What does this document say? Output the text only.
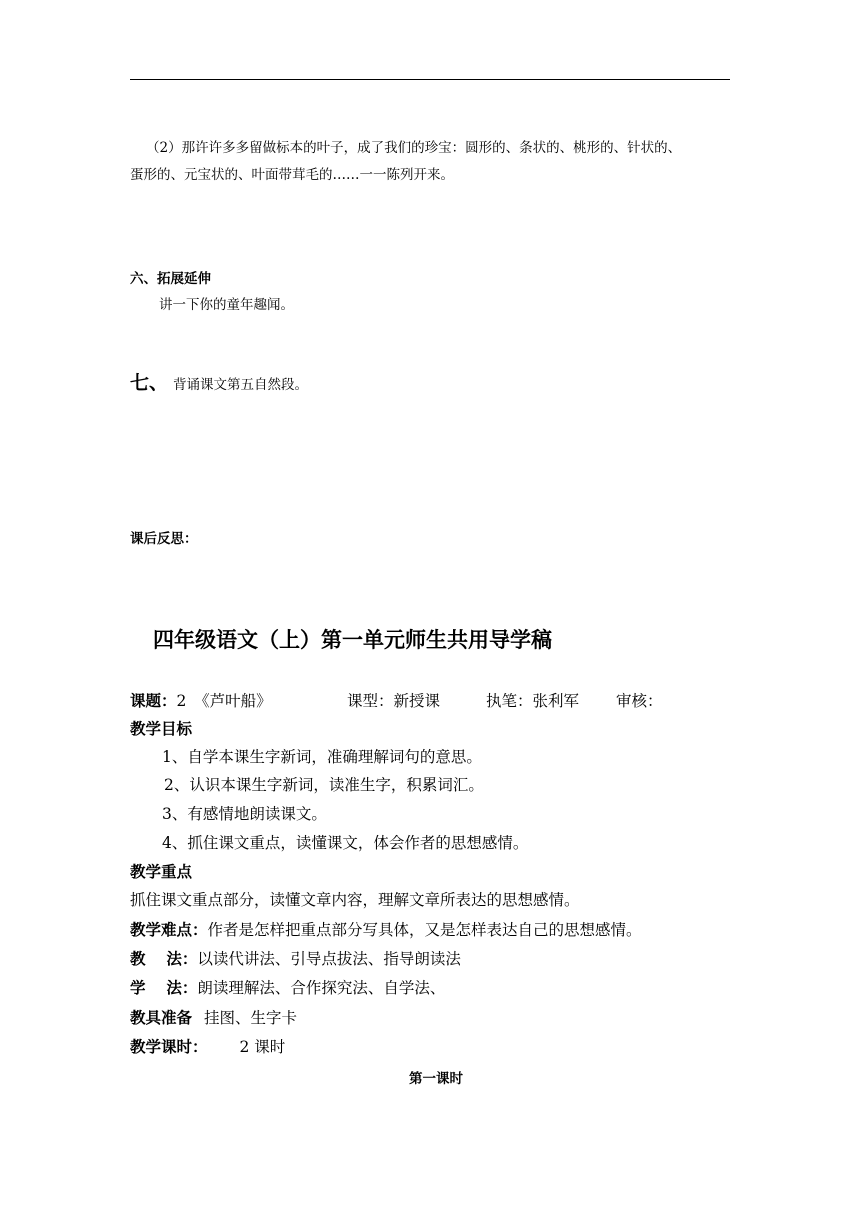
（2）那许许多多留做标本的叶子，成了我们的珍宝：圆形的、条状的、桃形的、针状的、
蛋形的、元宝状的、叶面带茸毛的……一一陈列开来。
六、拓展延伸
讲一下你的童年趣闻。
七、 背诵课文第五自然段。
课后反思：
四年级语文（上）第一单元师生共用导学稿
课题：2　《芦叶船》	课型：新授课	执笔：张利军 审核：
教学目标
1、自学本课生字新词，准确理解词句的意思。
2、认识本课生字新词，读准生字，积累词汇。
3、有感情地朗读课文。
4、抓住课文重点，读懂课文，体会作者的思想感情。
教学重点
抓住课文重点部分，读懂文章内容，理解文章所表达的思想感情。
教学难点：作者是怎样把重点部分写具体，又是怎样表达自己的思想感情。
教　 法：以读代讲法、引导点拔法、指导朗读法
学　 法：朗读理解法、合作探究法、自学法、
教具准备 挂图、生字卡
教学课时： 2 课时
第一课时
